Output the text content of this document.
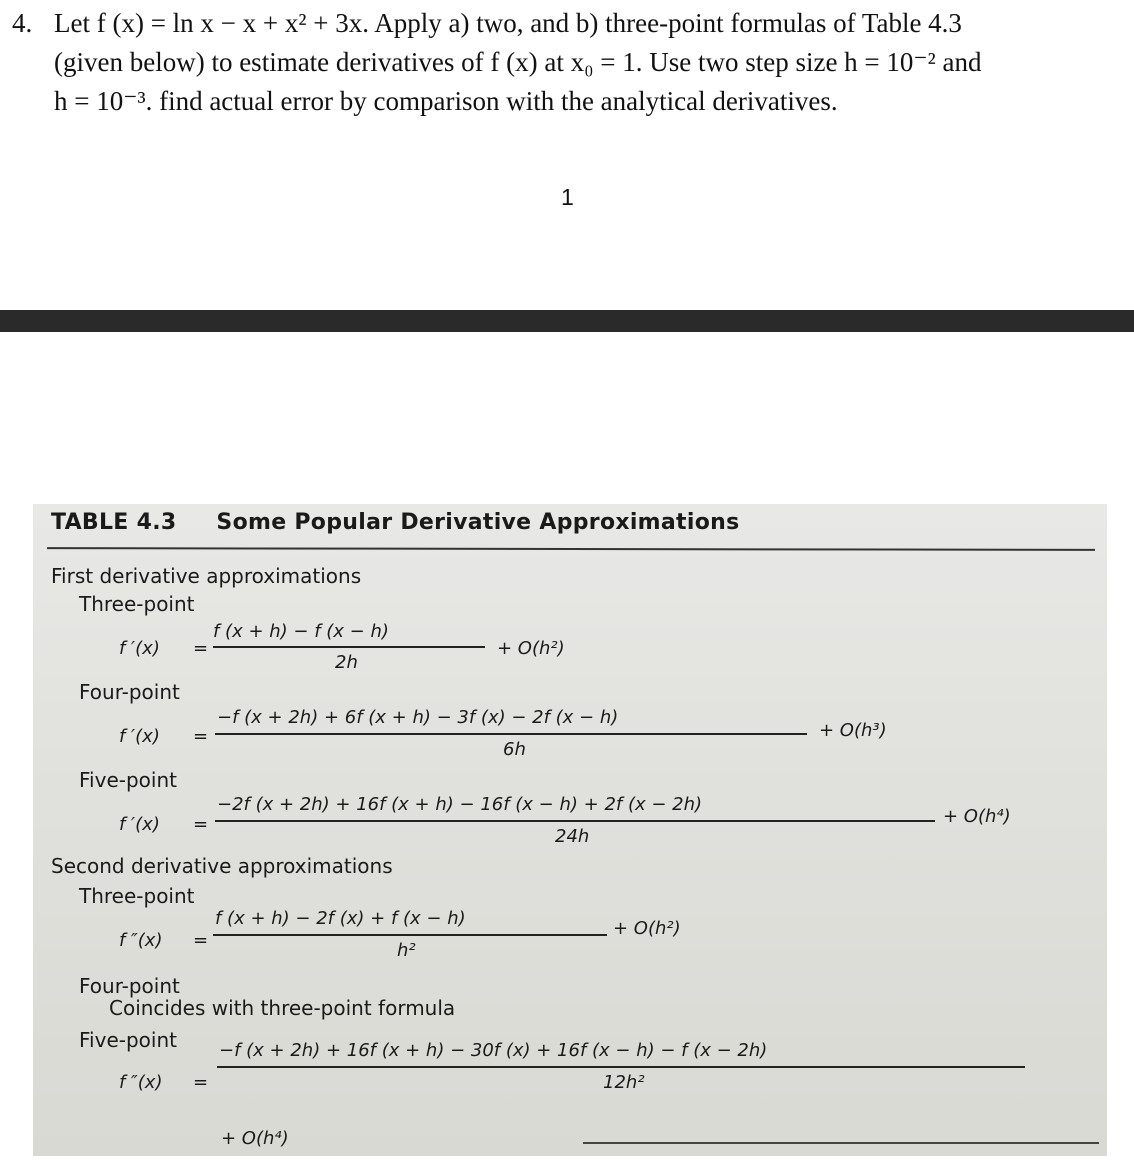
4. Let f (x) = ln x − x + x² + 3x. Apply a) two, and b) three-point formulas of Table 4.3
(given below) to estimate derivatives of f (x) at x₀ = 1. Use two step size h = 10⁻² and
h = 10⁻³. find actual error by comparison with the analytical derivatives.
1
TABLE 4.3 Some Popular Derivative Approximations
First derivative approximations
Three-point
f ′(x) =
f (x + h) − f (x − h)
2h
+ O(h²)
Four-point
f ′(x) =
−f (x + 2h) + 6f (x + h) − 3f (x) − 2f (x − h)
6h
+ O(h³)
Five-point
f ′(x) =
−2f (x + 2h) + 16f (x + h) − 16f (x − h) + 2f (x − 2h)
24h
+ O(h⁴)
Second derivative approximations
Three-point
f ″(x) =
f (x + h) − 2f (x) + f (x − h)
h²
+ O(h²)
Four-point
Coincides with three-point formula
Five-point
f ″(x) =
−f (x + 2h) + 16f (x + h) − 30f (x) + 16f (x − h) − f (x − 2h)
12h²
+ O(h⁴)
